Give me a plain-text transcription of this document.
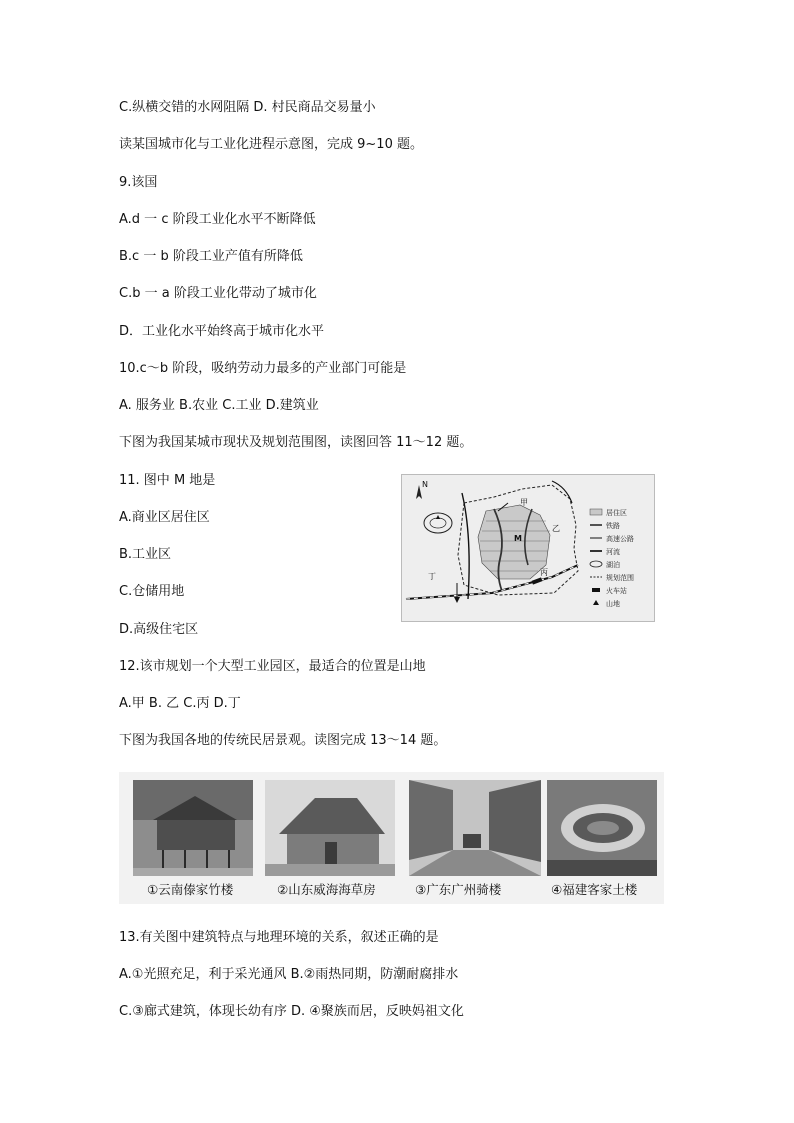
C.纵横交错的水网阻隔 D. 村民商品交易量小
读某国城市化与工业化进程示意图，完成 9~10 题。
9.该国
A.d 一 c 阶段工业化水平不断降低
B.c 一 b 阶段工业产值有所降低
C.b 一 a 阶段工业化带动了城市化
D．工业化水平始终高于城市化水平
10.c～b 阶段，吸纳劳动力最多的产业部门可能是
A. 服务业 B.农业 C.工业 D.建筑业
下图为我国某城市现状及规划范围图，读图回答 11～12 题。
11. 图中 M 地是
A.商业区居住区
B.工业区
C.仓储用地
D.高级住宅区
12.该市规划一个大型工业园区，最适合的位置是山地
A.甲 B. 乙 C.丙 D.丁
下图为我国各地的传统民居景观。读图完成 13～14 题。
13.有关图中建筑特点与地理环境的关系，叙述正确的是
A.①光照充足，利于采光通风 B.②雨热同期，防潮耐腐排水
C.③廊式建筑，体现长幼有序 D. ④聚族而居，反映妈祖文化
N
甲
乙
丙
丁
M
居住区
铁路
高速公路
河流
湖泊
规划范围
火车站
山地
①云南傣家竹楼	②山东威海海草房	③广东广州骑楼	④福建客家土楼
